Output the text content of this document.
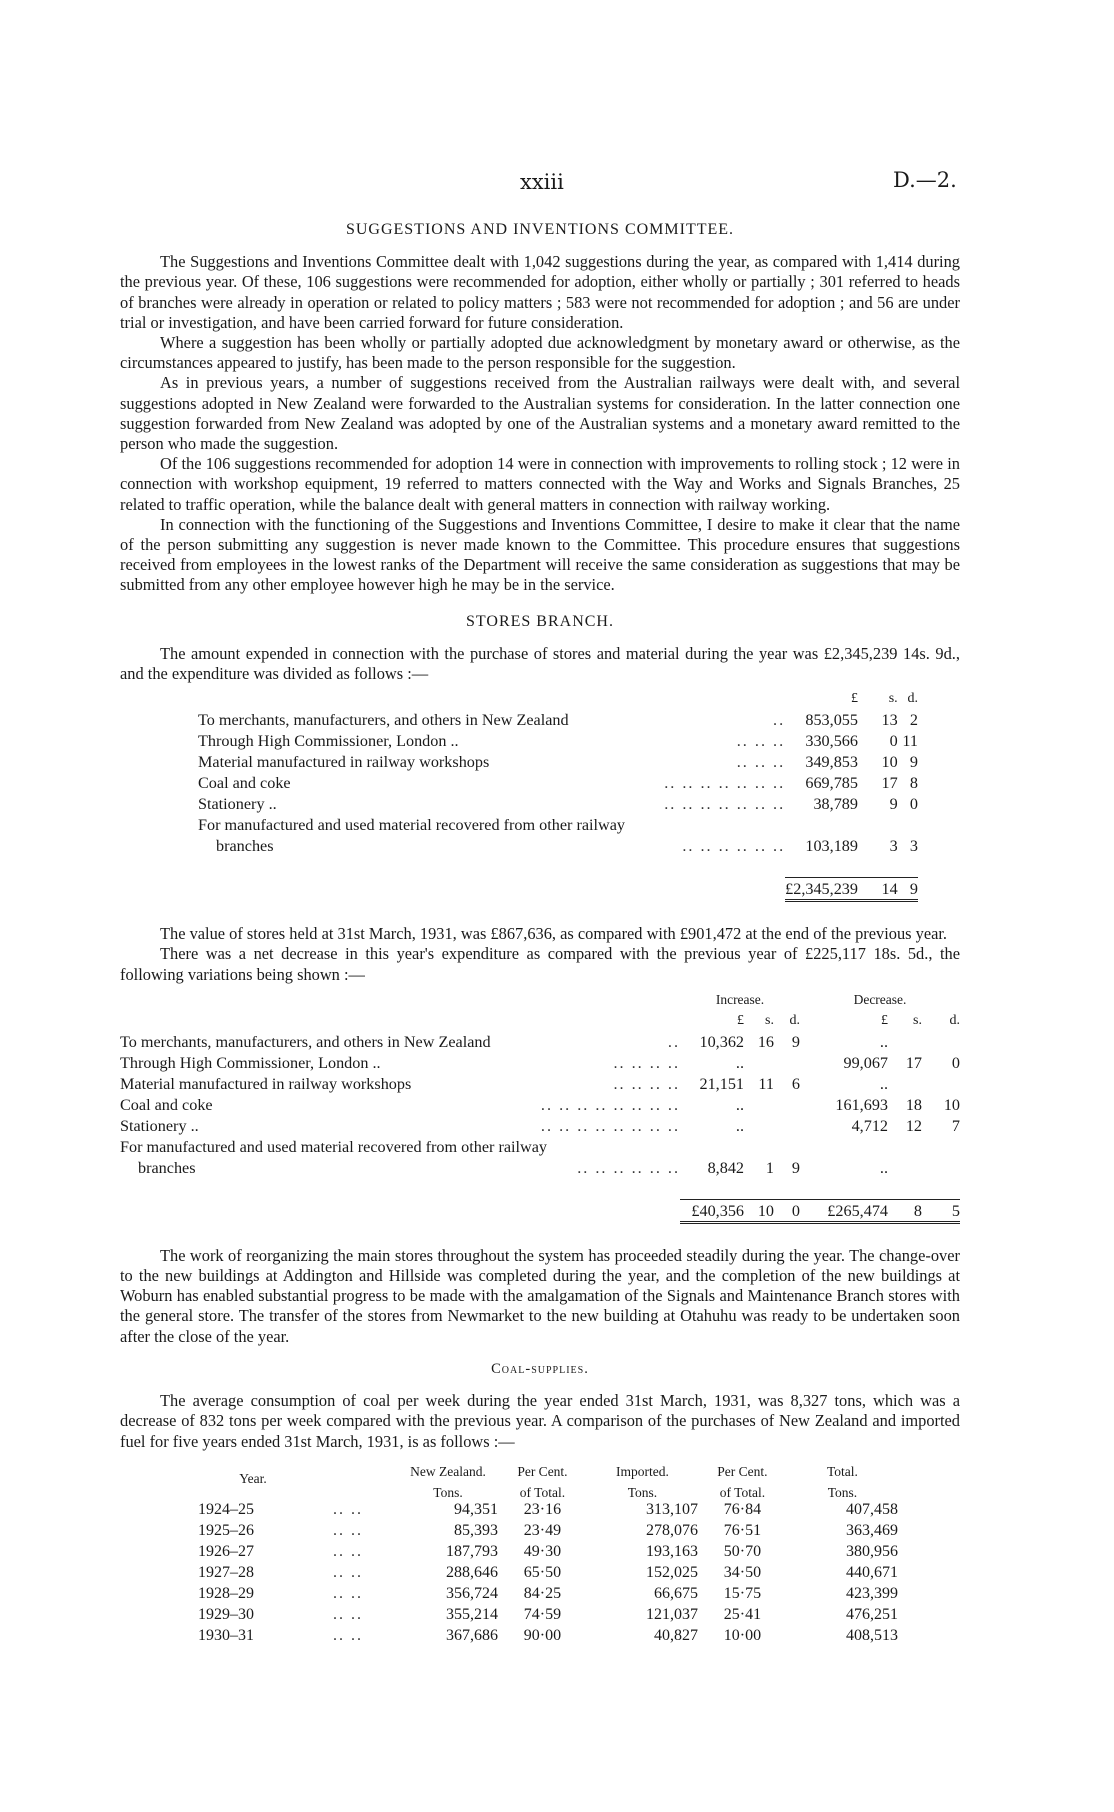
xxiii	D.—2.
SUGGESTIONS AND INVENTIONS COMMITTEE.

The Suggestions and Inventions Committee dealt with 1,042 suggestions during the year, as compared with 1,414 during the previous year. Of these, 106 suggestions were recommended for adoption, either wholly or partially ; 301 referred to heads of branches were already in operation or related to policy matters ; 583 were not recommended for adoption ; and 56 are under trial or investigation, and have been carried forward for future consideration.

Where a suggestion has been wholly or partially adopted due acknowledgment by monetary award or otherwise, as the circumstances appeared to justify, has been made to the person responsible for the suggestion.

As in previous years, a number of suggestions received from the Australian railways were dealt with, and several suggestions adopted in New Zealand were forwarded to the Australian systems for consideration. In the latter connection one suggestion forwarded from New Zealand was adopted by one of the Australian systems and a monetary award remitted to the person who made the suggestion.

Of the 106 suggestions recommended for adoption 14 were in connection with improvements to rolling stock ; 12 were in connection with workshop equipment, 19 referred to matters connected with the Way and Works and Signals Branches, 25 related to traffic operation, while the balance dealt with general matters in connection with railway working.

In connection with the functioning of the Suggestions and Inventions Committee, I desire to make it clear that the name of the person submitting any suggestion is never made known to the Committee. This procedure ensures that suggestions received from employees in the lowest ranks of the Department will receive the same consideration as suggestions that may be submitted from any other employee however high he may be in the service.

STORES BRANCH.

The amount expended in connection with the purchase of stores and material during the year was £2,345,239 14s. 9d., and the expenditure was divided as follows :—

		£	s.	d.
To merchants, manufacturers, and others in New Zealand	..	853,055	13	2
Through High Commissioner, London ..	.. .. ..	330,566	0	11
Material manufactured in railway workshops	.. .. ..	349,853	10	9
Coal and coke	.. .. .. .. .. .. ..	669,785	17	8
Stationery ..	.. .. .. .. .. .. ..	38,789	9	0
For manufactured and used material recovered from other railway				
branches	.. .. .. .. .. ..	103,189	3	3

		£2,345,239	14	9

The value of stores held at 31st March, 1931, was £867,636, as compared with £901,472 at the end of the previous year.

There was a net decrease in this year's expenditure as compared with the previous year of £225,117 18s. 5d., the following variations being shown :—

		Increase.			Decrease.		
		£	s.	d.	£	s.	d.
To merchants, manufacturers, and others in New Zealand	..	10,362	16	9	..		
Through High Commissioner, London ..	.. .. .. ..	..			99,067	17	0
Material manufactured in railway workshops	.. .. .. ..	21,151	11	6	..		
Coal and coke	.. .. .. .. .. .. .. ..	..			161,693	18	10
Stationery ..	.. .. .. .. .. .. .. ..	..			4,712	12	7
For manufactured and used material recovered from other railway							
branches	.. .. .. .. .. ..	8,842	1	9	..		

		£40,356	10	0	£265,474	8	5

The work of reorganizing the main stores throughout the system has proceeded steadily during the year. The change-over to the new buildings at Addington and Hillside was completed during the year, and the completion of the new buildings at Woburn has enabled substantial progress to be made with the amalgamation of the Signals and Maintenance Branch stores with the general store. The transfer of the stores from Newmarket to the new building at Otahuhu was ready to be undertaken soon after the close of the year.

Coal-supplies.

The average consumption of coal per week during the year ended 31st March, 1931, was 8,327 tons, which was a decrease of 832 tons per week compared with the previous year. A comparison of the purchases of New Zealand and imported fuel for five years ended 31st March, 1931, is as follows :—

Year.		New Zealand.	Per Cent.	Imported.	Per Cent.	Total.
		Tons.	of Total.	Tons.	of Total.	Tons.
1924–25	.. ..	94,351	23·16	313,107	76·84	407,458
1925–26	.. ..	85,393	23·49	278,076	76·51	363,469
1926–27	.. ..	187,793	49·30	193,163	50·70	380,956
1927–28	.. ..	288,646	65·50	152,025	34·50	440,671
1928–29	.. ..	356,724	84·25	66,675	15·75	423,399
1929–30	.. ..	355,214	74·59	121,037	25·41	476,251
1930–31	.. ..	367,686	90·00	40,827	10·00	408,513
